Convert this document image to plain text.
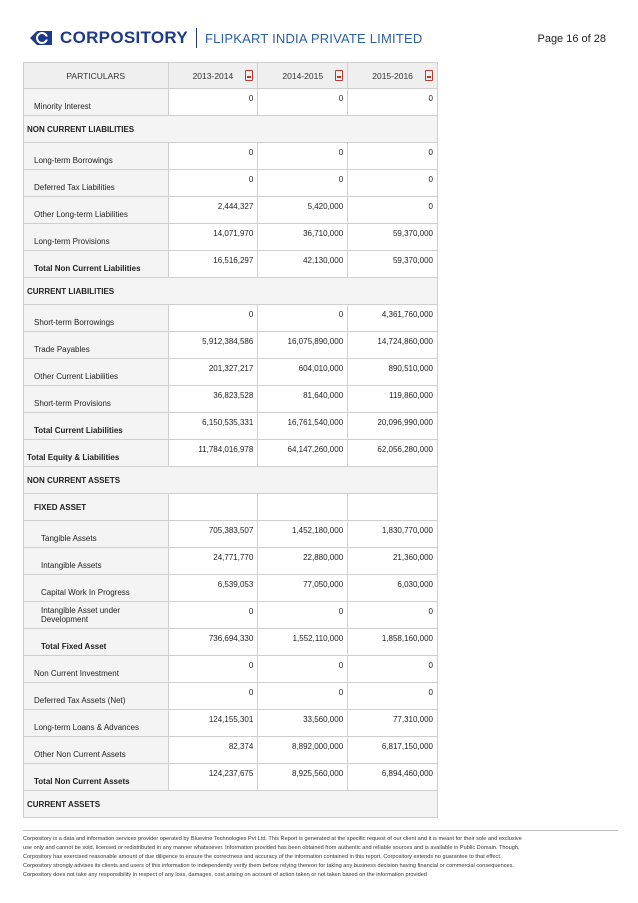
CORPOSITORY FLIPKART INDIA PRIVATE LIMITED	Page 16 of 28
PARTICULARS	2013-2014	2014-2015	2015-2016

Minority Interest	0	0	0
NON CURRENT LIABILITIES			
Long-term Borrowings	0	0	0
Deferred Tax Liabilities	0	0	0
Other Long-term Liabilities	2,444,327	5,420,000	0
Long-term Provisions	14,071,970	36,710,000	59,370,000
Total Non Current Liabilities	16,516,297	42,130,000	59,370,000
CURRENT LIABILITIES			
Short-term Borrowings	0	0	4,361,760,000
Trade Payables	5,912,384,586	16,075,890,000	14,724,860,000
Other Current Liabilities	201,327,217	604,010,000	890,510,000
Short-term Provisions	36,823,528	81,640,000	119,860,000
Total Current Liabilities	6,150,535,331	16,761,540,000	20,096,990,000
Total Equity & Liabilities	11,784,016,978	64,147,260,000	62,056,280,000
NON CURRENT ASSETS			
FIXED ASSET			
Tangible Assets	705,383,507	1,452,180,000	1,830,770,000
Intangible Assets	24,771,770	22,880,000	21,360,000
Capital Work In Progress	6,539,053	77,050,000	6,030,000
Intangible Asset under Development	0	0	0
Total Fixed Asset	736,694,330	1,552,110,000	1,858,160,000
Non Current Investment	0	0	0
Deferred Tax Assets (Net)	0	0	0
Long-term Loans & Advances	124,155,301	33,560,000	77,310,000
Other Non Current Assets	82,374	8,892,000,000	6,817,150,000
Total Non Current Assets	124,237,675	8,925,560,000	6,894,460,000
CURRENT ASSETS			
Corpository is a data and information services provider operated by Bluevine Technologies Pvt Ltd. This Report is generated at the specific request of our client and it is meant for their sole and exclusive
use only and cannot be sold, licensed or redistributed in any manner whatsoever. Information provided has been obtained from authentic and reliable sources and is available in Public Domain. Though,
Corpository has exercised reasonable amount of due diligence to ensure the correctness and accuracy of the information contained in this report, Corpository extends no guarantee to that effect.
Corpository strongly advises its clients and users of this information to independently verify them before relying thereon for taking any business decision having financial or commercial consequences.
Corpository does not take any responsibility in respect of any loss, damages, cost arising on account of action taken or not taken based on the information provided
